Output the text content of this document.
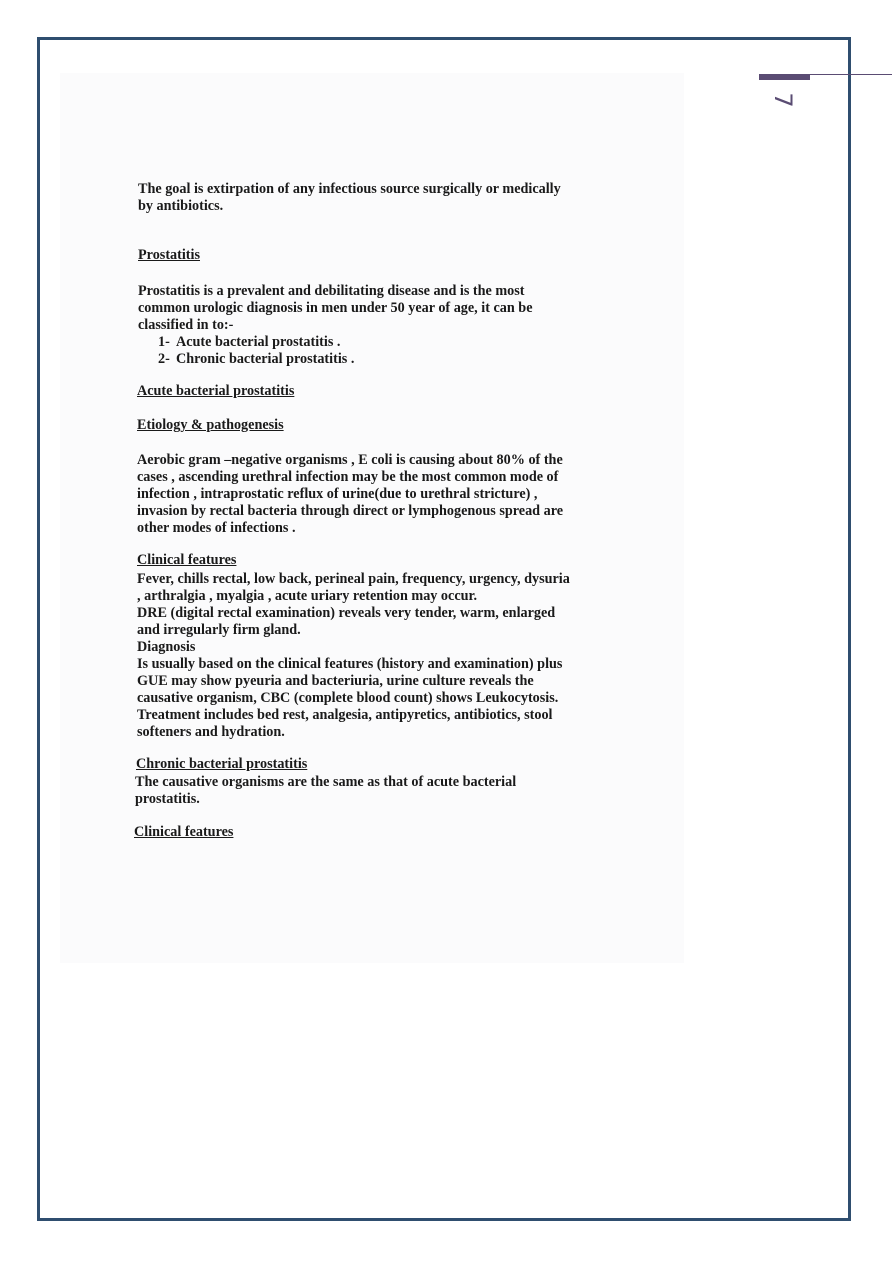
7
The goal is extirpation of any infectious source surgically or medically
by antibiotics.
Prostatitis
Prostatitis is a prevalent and debilitating disease and is the most
common urologic diagnosis in men under 50 year of age, it can be
classified in to:-
1- Acute bacterial prostatitis .
2- Chronic bacterial prostatitis .
Acute bacterial prostatitis
Etiology & pathogenesis
Aerobic gram –negative organisms , E coli is causing about 80% of the
cases , ascending urethral infection may be the most common mode of
infection , intraprostatic reflux of urine(due to urethral stricture) ,
invasion by rectal bacteria through direct or lymphogenous spread are
other modes of infections .
Clinical features
Fever, chills rectal, low back, perineal pain, frequency, urgency, dysuria
, arthralgia , myalgia , acute uriary retention may occur.
DRE (digital rectal examination) reveals very tender, warm, enlarged
and irregularly firm gland.
Diagnosis
Is usually based on the clinical features (history and examination) plus
GUE may show pyeuria and bacteriuria, urine culture reveals the
causative organism, CBC (complete blood count) shows Leukocytosis.
Treatment includes bed rest, analgesia, antipyretics, antibiotics, stool
softeners and hydration.
Chronic bacterial prostatitis
The causative organisms are the same as that of acute bacterial
prostatitis.
Clinical features
